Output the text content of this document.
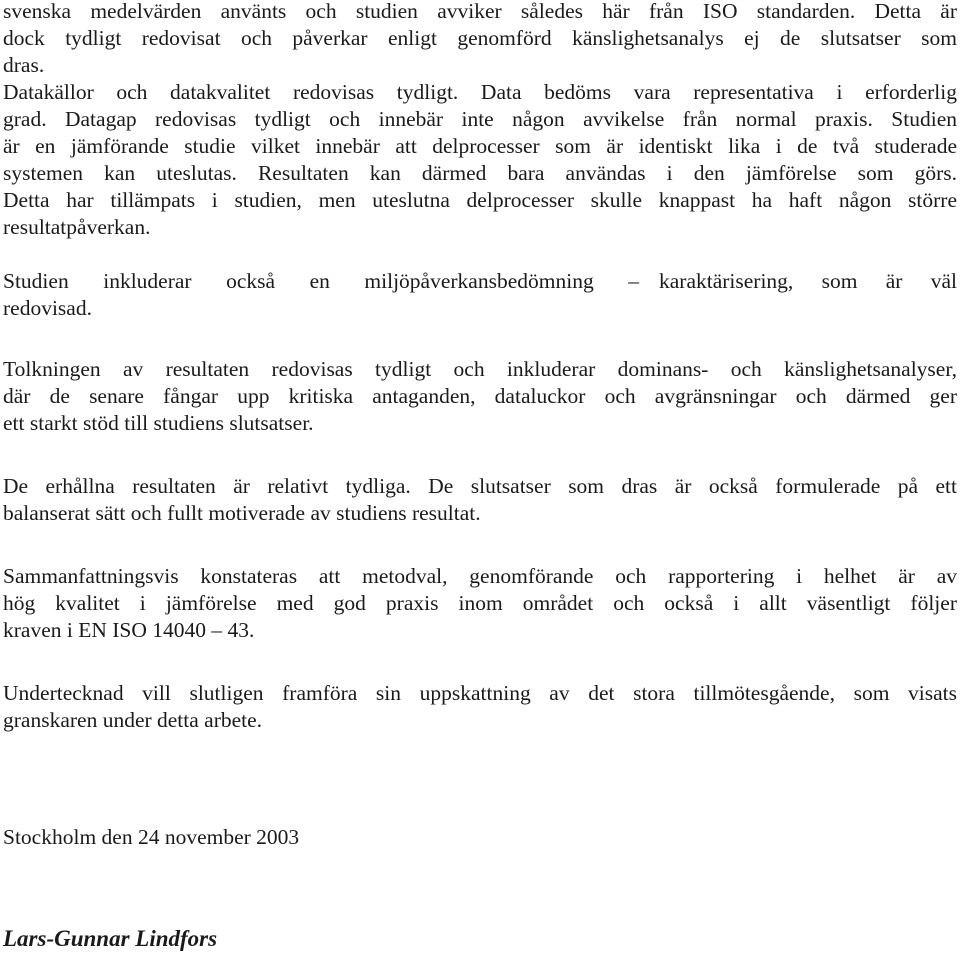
svenska medelvärden använts och studien avviker således här från ISO standarden. Detta är
dock tydligt redovisat och påverkar enligt genomförd känslighetsanalys ej de slutsatser som
dras.
Datakällor och datakvalitet redovisas tydligt. Data bedöms vara representativa i erforderlig
grad. Datagap redovisas tydligt och innebär inte någon avvikelse från normal praxis. Studien
är en jämförande studie vilket innebär att delprocesser som är identiskt lika i de två studerade
systemen kan uteslutas. Resultaten kan därmed bara användas i den jämförelse som görs.
Detta har tillämpats i studien, men uteslutna delprocesser skulle knappast ha haft någon större
resultatpåverkan.
Studien inkluderar också en miljöpåverkansbedömning – karaktärisering, som är väl
redovisad.
Tolkningen av resultaten redovisas tydligt och inkluderar dominans- och känslighetsanalyser,
där de senare fångar upp kritiska antaganden, dataluckor och avgränsningar och därmed ger
ett starkt stöd till studiens slutsatser.
De erhållna resultaten är relativt tydliga. De slutsatser som dras är också formulerade på ett
balanserat sätt och fullt motiverade av studiens resultat.
Sammanfattningsvis konstateras att metodval, genomförande och rapportering i helhet är av
hög kvalitet i jämförelse med god praxis inom området och också i allt väsentligt följer
kraven i EN ISO 14040 – 43.
Undertecknad vill slutligen framföra sin uppskattning av det stora tillmötesgående, som visats
granskaren under detta arbete.
Stockholm den 24 november 2003
Lars-Gunnar Lindfors
